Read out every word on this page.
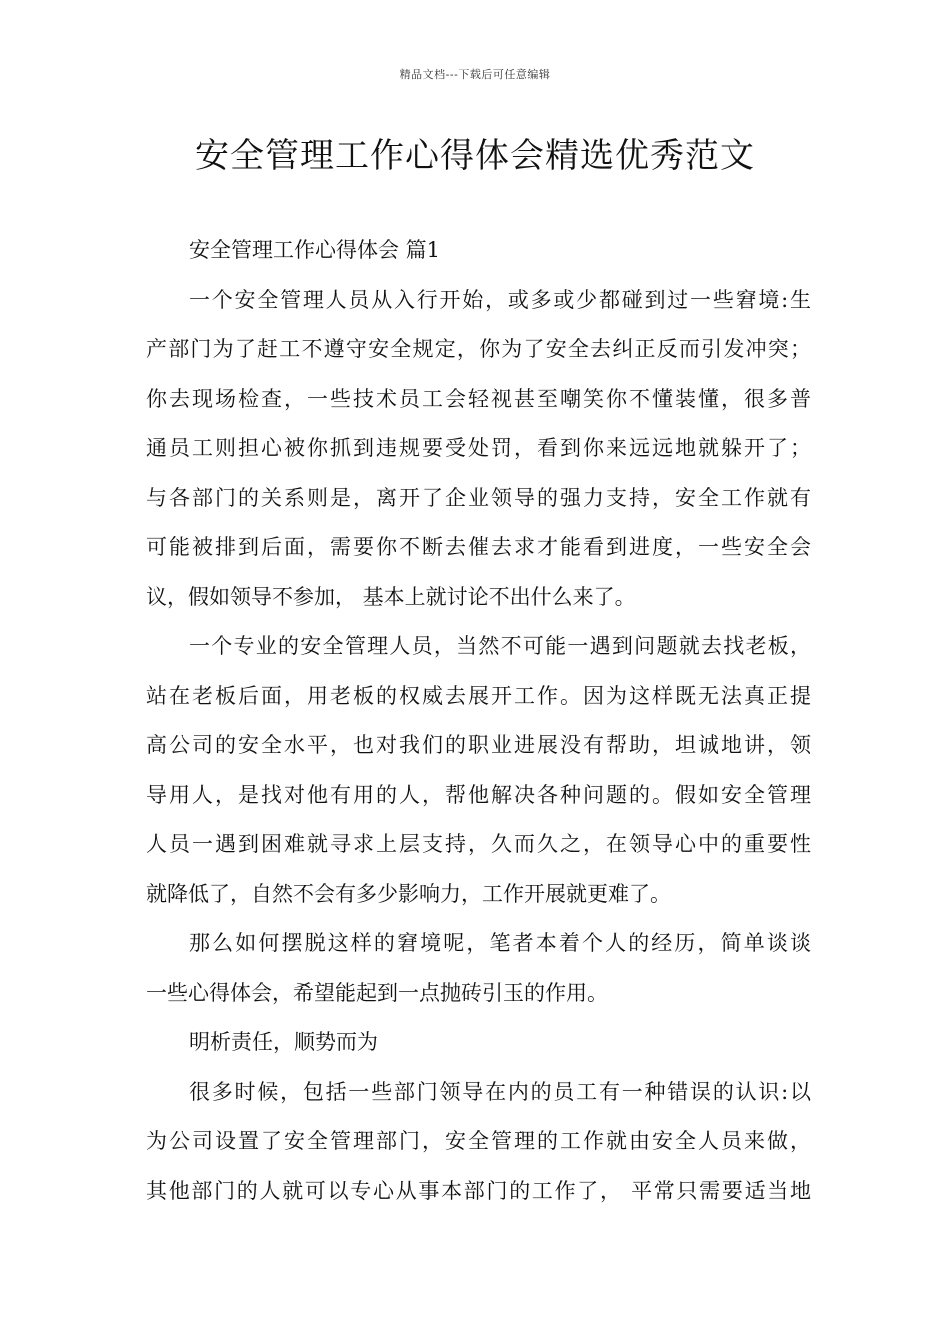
精品文档---下载后可任意编辑
安全管理工作心得体会精选优秀范文
安全管理工作心得体会 篇1
一个安全管理人员从入行开始，或多或少都碰到过一些窘境:生
产部门为了赶工不遵守安全规定，你为了安全去纠正反而引发冲突；
你去现场检查，一些技术员工会轻视甚至嘲笑你不懂装懂，很多普
通员工则担心被你抓到违规要受处罚，看到你来远远地就躲开了；
与各部门的关系则是，离开了企业领导的强力支持，安全工作就有
可能被排到后面，需要你不断去催去求才能看到进度，一些安全会
议，假如领导不参加， 基本上就讨论不出什么来了。
一个专业的安全管理人员，当然不可能一遇到问题就去找老板，
站在老板后面，用老板的权威去展开工作。因为这样既无法真正提
高公司的安全水平，也对我们的职业进展没有帮助，坦诚地讲，领
导用人，是找对他有用的人，帮他解决各种问题的。假如安全管理
人员一遇到困难就寻求上层支持，久而久之，在领导心中的重要性
就降低了，自然不会有多少影响力，工作开展就更难了。
那么如何摆脱这样的窘境呢，笔者本着个人的经历，简单谈谈
一些心得体会，希望能起到一点抛砖引玉的作用。
明析责任，顺势而为
很多时候，包括一些部门领导在内的员工有一种错误的认识:以
为公司设置了安全管理部门，安全管理的工作就由安全人员来做，
其他部门的人就可以专心从事本部门的工作了， 平常只需要适当地
